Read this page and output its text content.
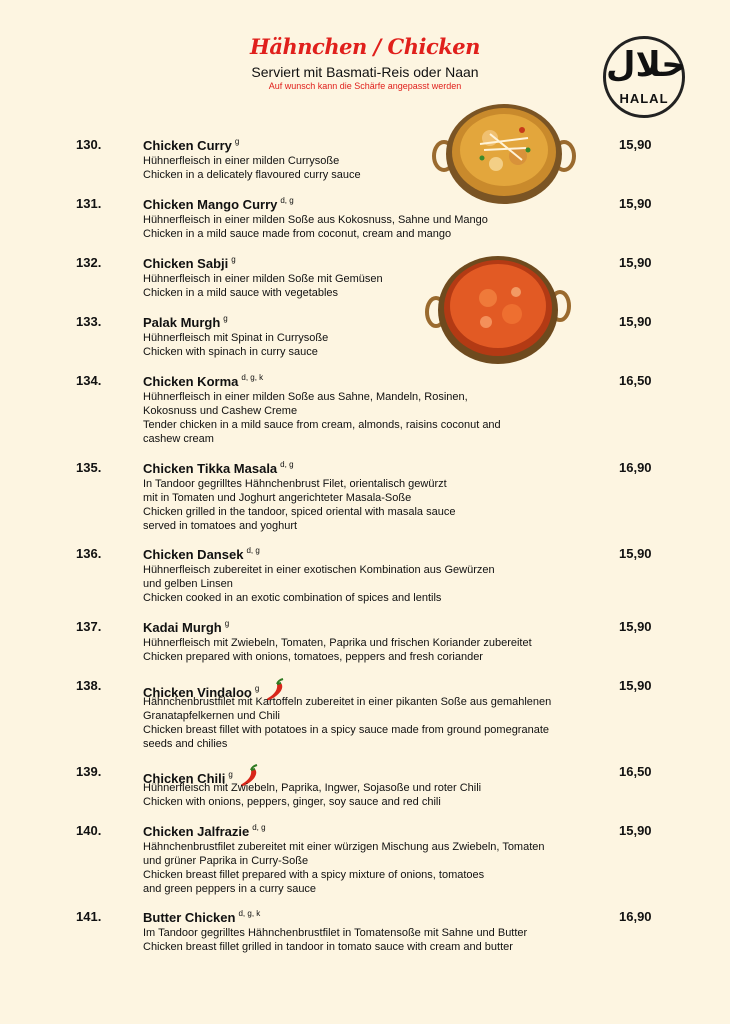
Hähnchen / Chicken
Serviert mit Basmati-Reis oder Naan
Auf wunsch kann die Schärfe angepasst werden
حلال
HALAL
130.	Chicken Curry $^g$	15,90
Hühnerfleisch in einer milden Currysoße
Chicken in a delicately flavoured curry sauce
131.	Chicken Mango Curry $^{d, g}$	15,90
Hühnerfleisch in einer milden Soße aus Kokosnuss, Sahne und Mango
Chicken in a mild sauce made from coconut, cream and mango
132.	Chicken Sabji $^g$	15,90
Hühnerfleisch in einer milden Soße mit Gemüsen
Chicken in a mild sauce with vegetables
133.	Palak Murgh $^g$	15,90
Hühnerfleisch mit Spinat in Currysoße
Chicken with spinach in curry sauce
134.	Chicken Korma $^{d, g, k}$	16,50
Hühnerfleisch in einer milden Soße aus Sahne, Mandeln, Rosinen,
Kokosnuss und Cashew Creme
Tender chicken in a mild sauce from cream, almonds, raisins coconut and
cashew cream
135.	Chicken Tikka Masala $^{d, g}$	16,90
In Tandoor gegrilltes Hähnchenbrust Filet, orientalisch gewürzt
mit in Tomaten und Joghurt angerichteter Masala-Soße
Chicken grilled in the tandoor, spiced oriental with masala sauce
served in tomatoes and yoghurt
136.	Chicken Dansek $^{d, g}$	15,90
Hühnerfleisch zubereitet in einer exotischen Kombination aus Gewürzen
und gelben Linsen
Chicken cooked in an exotic combination of spices and lentils
137.	Kadai Murgh $^g$	15,90
Hühnerfleisch mit Zwiebeln, Tomaten, Paprika und frischen Koriander zubereitet
Chicken prepared with onions, tomatoes, peppers and fresh coriander
138.	Chicken Vindaloo $^g$	15,90
Hähnchenbrustfilet mit Kartoffeln zubereitet in einer pikanten Soße aus gemahlenen
Granatapfelkernen und Chili
Chicken breast fillet with potatoes in a spicy sauce made from ground pomegranate
seeds and chilies
139.	Chicken Chili $^g$	16,50
Hühnerfleisch mit Zwiebeln, Paprika, Ingwer, Sojasoße und roter Chili
Chicken with onions, peppers, ginger, soy sauce and red chili
140.	Chicken Jalfrazie $^{d, g}$	15,90
Hähnchenbrustfilet zubereitet mit einer würzigen Mischung aus Zwiebeln, Tomaten
und grüner Paprika in Curry-Soße
Chicken breast fillet prepared with a spicy mixture of onions, tomatoes
and green peppers in a curry sauce
141.	Butter Chicken $^{d, g, k}$	16,90
Im Tandoor gegrilltes Hähnchenbrustfilet in Tomatensoße mit Sahne und Butter
Chicken breast fillet grilled in tandoor in tomato sauce with cream and butter
